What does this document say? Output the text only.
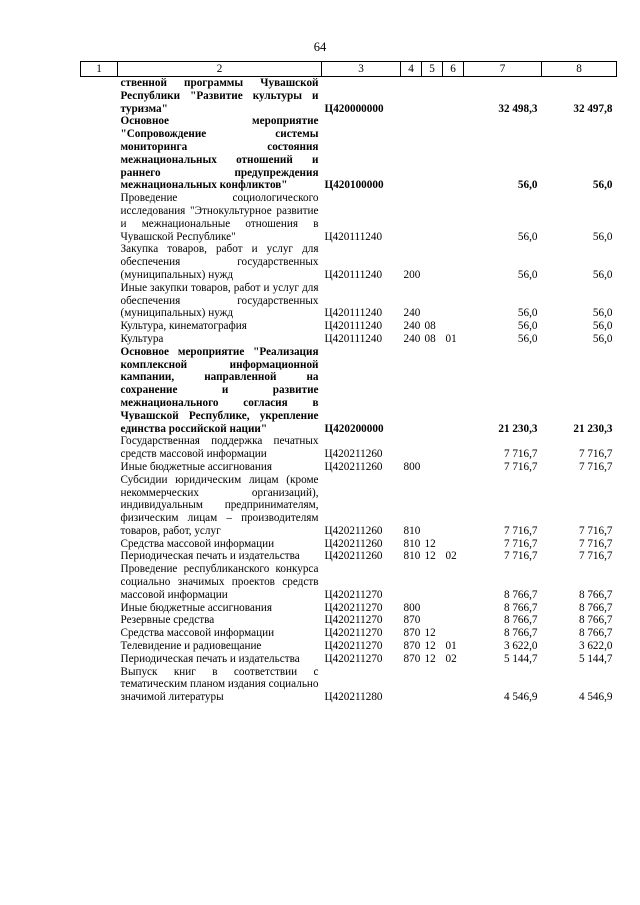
64
1	2	3	4	5	6	7	8
	ственной программы Чувашской Республики "Развитие культуры и туризма"	Ц420000000				32 498,3	32 497,8
	Основное мероприятие "Сопровождение системы мониторинга состояния межнациональных отношений и раннего предупреждения межнациональных конфликтов"	Ц420100000				56,0	56,0
	Проведение социологического исследования "Этнокультурное развитие и межнациональные отношения в Чувашской Республике"	Ц420111240				56,0	56,0
	Закупка товаров, работ и услуг для обеспечения государственных (муниципальных) нужд	Ц420111240	200			56,0	56,0
	Иные закупки товаров, работ и услуг для обеспечения государственных (муниципальных) нужд	Ц420111240	240			56,0	56,0
	Культура, кинематография	Ц420111240	240	08		56,0	56,0
	Культура	Ц420111240	240	08	01	56,0	56,0
	Основное мероприятие "Реализация комплексной информационной кампании, направленной на сохранение и развитие межнационального согласия в Чувашской Республике, укрепление единства российской нации"	Ц420200000				21 230,3	21 230,3
	Государственная поддержка печатных средств массовой информации	Ц420211260				7 716,7	7 716,7
	Иные бюджетные ассигнования	Ц420211260	800			7 716,7	7 716,7
	Субсидии юридическим лицам (кроме некоммерческих организаций), индивидуальным предпринимателям, физическим лицам – производителям товаров, работ, услуг	Ц420211260	810			7 716,7	7 716,7
	Средства массовой информации	Ц420211260	810	12		7 716,7	7 716,7
	Периодическая печать и издательства	Ц420211260	810	12	02	7 716,7	7 716,7
	Проведение республиканского конкурса социально значимых проектов средств массовой информации	Ц420211270				8 766,7	8 766,7
	Иные бюджетные ассигнования	Ц420211270	800			8 766,7	8 766,7
	Резервные средства	Ц420211270	870			8 766,7	8 766,7
	Средства массовой информации	Ц420211270	870	12		8 766,7	8 766,7
	Телевидение и радиовещание	Ц420211270	870	12	01	3 622,0	3 622,0
	Периодическая печать и издательства	Ц420211270	870	12	02	5 144,7	5 144,7
	Выпуск книг в соответствии с тематическим планом издания социально значимой литературы	Ц420211280				4 546,9	4 546,9
